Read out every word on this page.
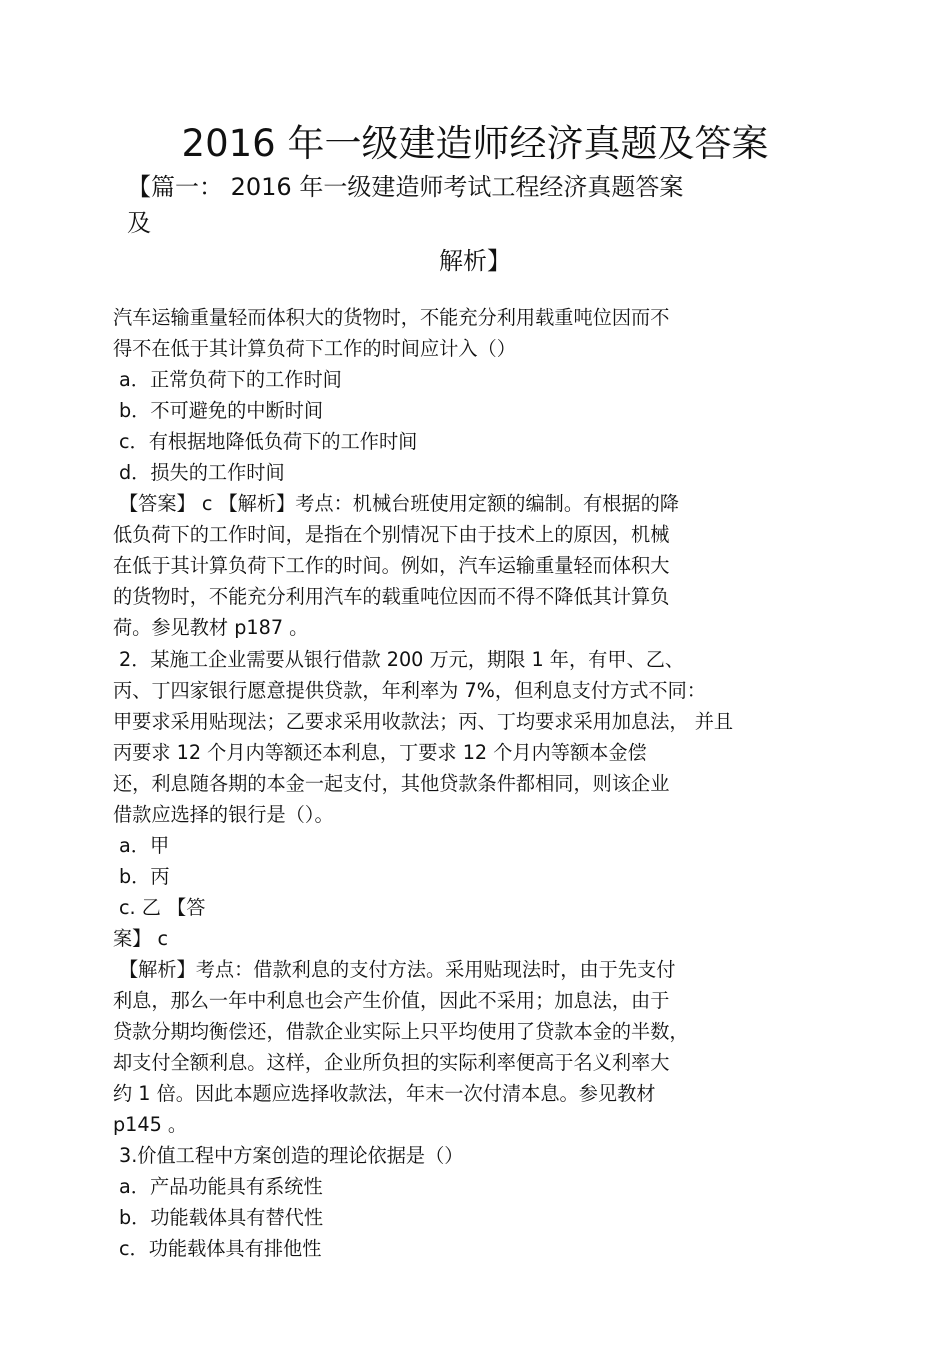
2016 年一级建造师经济真题及答案
【篇一： 2016 年一级建造师考试工程经济真题答案
及
解析】
汽车运输重量轻而体积大的货物时，不能充分利用载重吨位因而不
得不在低于其计算负荷下工作的时间应计入（）
a．正常负荷下的工作时间
b．不可避免的中断时间
c．有根据地降低负荷下的工作时间
d．损失的工作时间
【答案】 c 【解析】考点：机械台班使用定额的编制。有根据的降
低负荷下的工作时间，是指在个别情况下由于技术上的原因，机械
在低于其计算负荷下工作的时间。例如，汽车运输重量轻而体积大
的货物时，不能充分利用汽车的载重吨位因而不得不降低其计算负
荷。参见教材 p187 。
2．某施工企业需要从银行借款 200 万元，期限 1 年，有甲、乙、
丙、丁四家银行愿意提供贷款，年利率为 7%，但利息支付方式不同：
甲要求采用贴现法；乙要求采用收款法；丙、丁均要求采用加息法， 并且
丙要求 12 个月内等额还本利息，丁要求 12 个月内等额本金偿
还，利息随各期的本金一起支付，其他贷款条件都相同，则该企业
借款应选择的银行是（）。
a．甲
b．丙
c. 乙 【答
案】 c
【解析】考点：借款利息的支付方法。采用贴现法时，由于先支付
利息，那么一年中利息也会产生价值，因此不采用；加息法，由于
贷款分期均衡偿还，借款企业实际上只平均使用了贷款本金的半数，
却支付全额利息。这样，企业所负担的实际利率便高于名义利率大
约 1 倍。因此本题应选择收款法，年末一次付清本息。参见教材
p145 。
3.价值工程中方案创造的理论依据是（）
a．产品功能具有系统性
b．功能载体具有替代性
c．功能载体具有排他性
